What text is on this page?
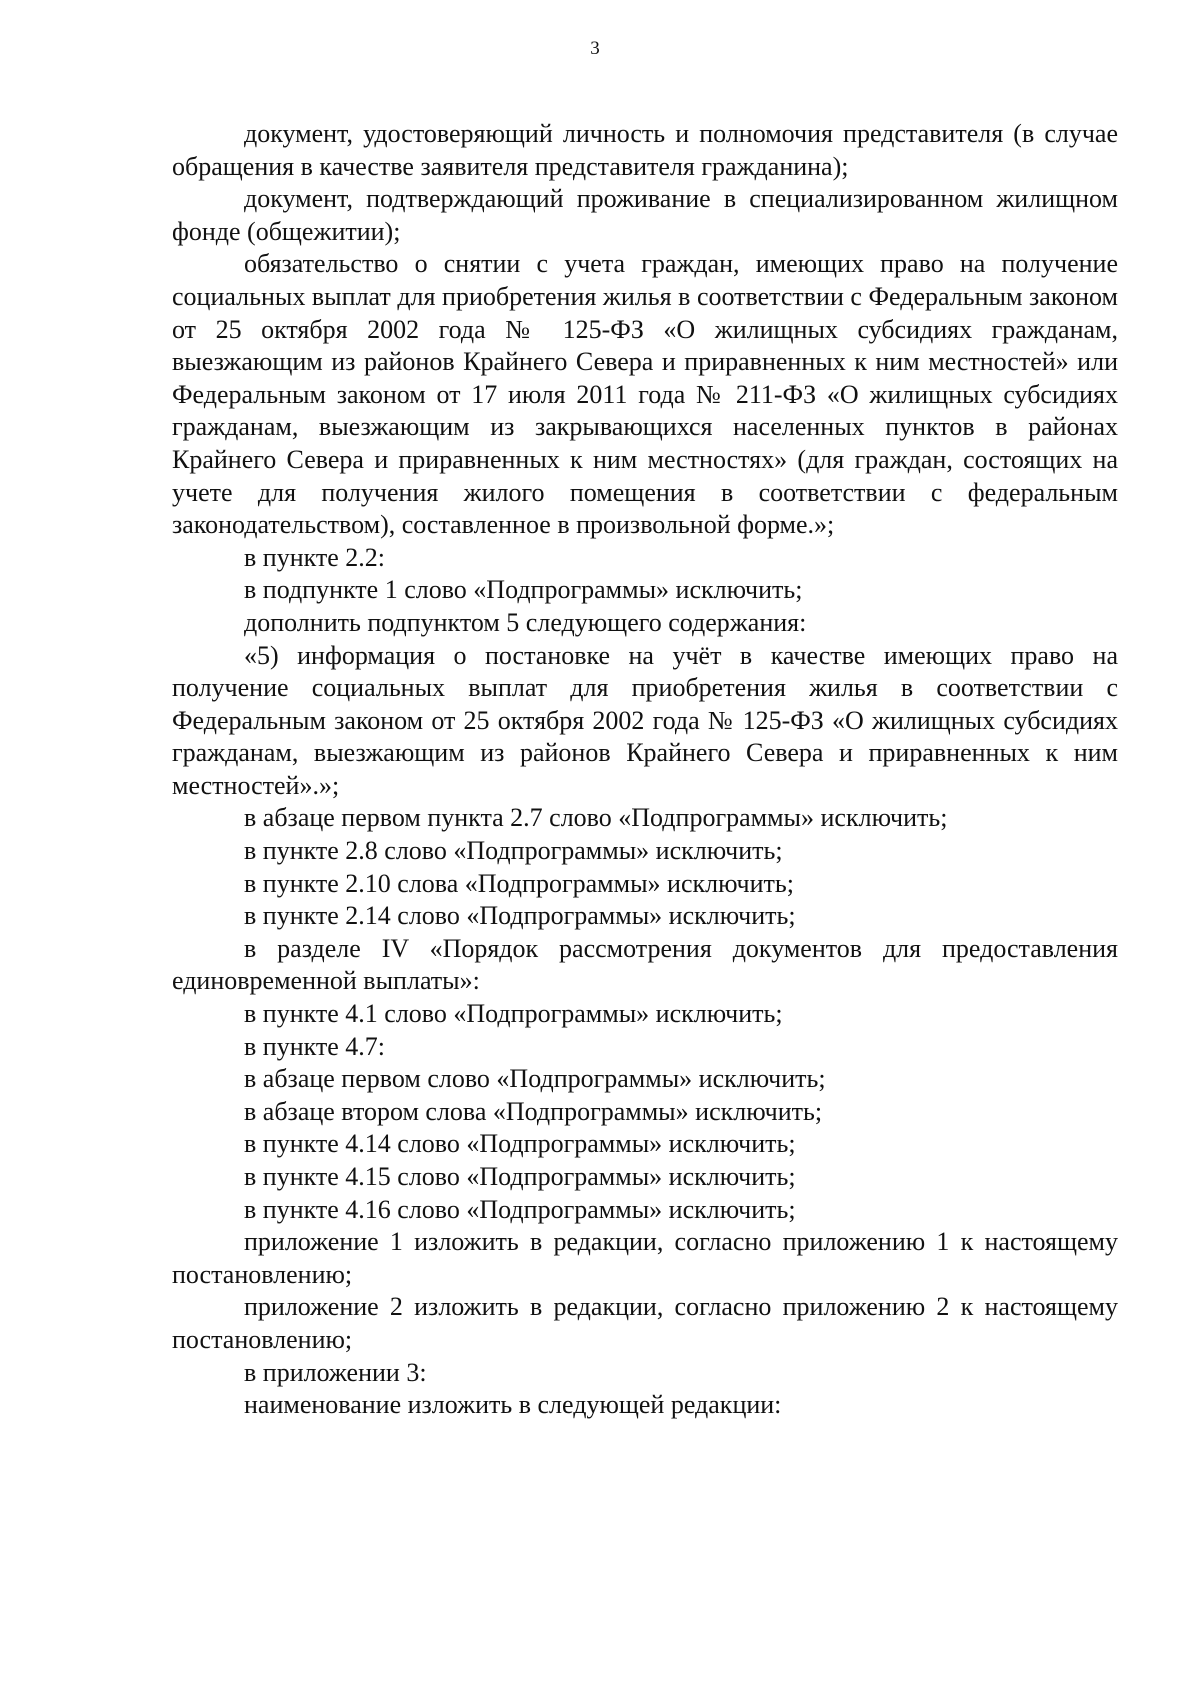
3

документ, удостоверяющий личность и полномочия представителя (в случае обращения в качестве заявителя представителя гражданина);

документ, подтверждающий проживание в специализированном жилищном фонде (общежитии);

обязательство о снятии с учета граждан, имеющих право на получение социальных выплат для приобретения жилья в соответствии с Федеральным законом от 25 октября 2002 года № 125-ФЗ «О жилищных субсидиях гражданам, выезжающим из районов Крайнего Севера и приравненных к ним местностей» или Федеральным законом от 17 июля 2011 года № 211-ФЗ «О жилищных субсидиях гражданам, выезжающим из закрывающихся населенных пунктов в районах Крайнего Севера и приравненных к ним местностях» (для граждан, состоящих на учете для получения жилого помещения в соответствии с федеральным законодательством), составленное в произвольной форме.»;

в пункте 2.2:

в подпункте 1 слово «Подпрограммы» исключить;

дополнить подпунктом 5 следующего содержания:

«5) информация о постановке на учёт в качестве имеющих право на получение социальных выплат для приобретения жилья в соответствии с Федеральным законом от 25 октября 2002 года № 125-ФЗ «О жилищных субсидиях гражданам, выезжающим из районов Крайнего Севера и приравненных к ним местностей».»;

в абзаце первом пункта 2.7 слово «Подпрограммы» исключить;

в пункте 2.8 слово «Подпрограммы» исключить;

в пункте 2.10 слова «Подпрограммы» исключить;

в пункте 2.14 слово «Подпрограммы» исключить;

в разделе IV «Порядок рассмотрения документов для предоставления единовременной выплаты»:

в пункте 4.1 слово «Подпрограммы» исключить;

в пункте 4.7:

в абзаце первом слово «Подпрограммы» исключить;

в абзаце втором слова «Подпрограммы» исключить;

в пункте 4.14 слово «Подпрограммы» исключить;

в пункте 4.15 слово «Подпрограммы» исключить;

в пункте 4.16 слово «Подпрограммы» исключить;

приложение 1 изложить в редакции, согласно приложению 1 к настоящему постановлению;

приложение 2 изложить в редакции, согласно приложению 2 к настоящему постановлению;

в приложении 3:

наименование изложить в следующей редакции:
